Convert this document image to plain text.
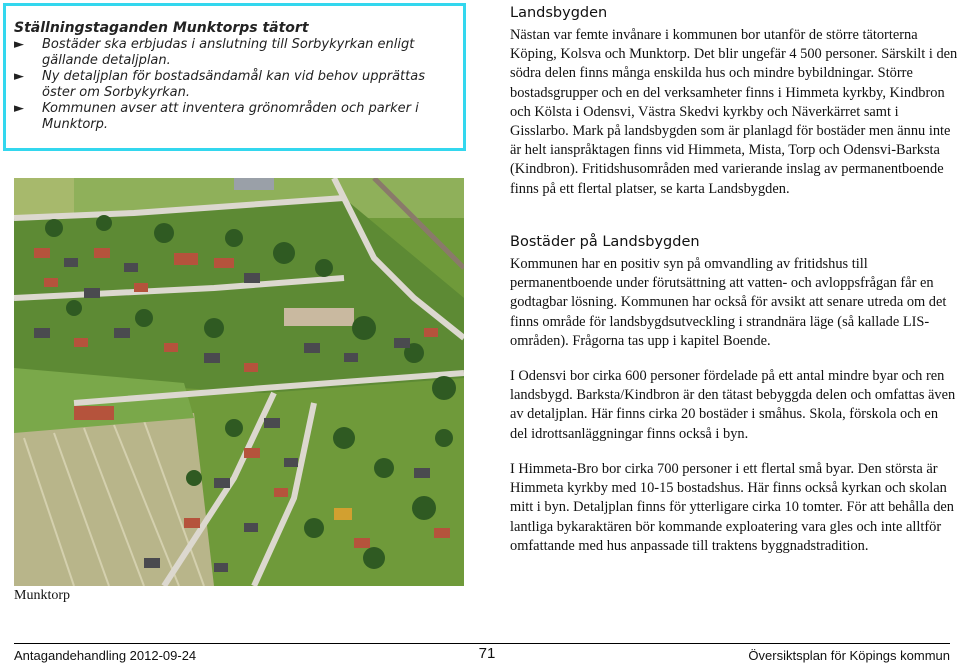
Ställningstaganden Munktorps tätort
► Bostäder ska erbjudas i anslutning till Sorbykyrkan enligt gällande detaljplan.
► Ny detaljplan för bostadsändamål kan vid behov upprättas öster om Sorbykyrkan.
► Kommunen avser att inventera grönområden och parker i Munktorp.
Munktorp
Landsbygden

Nästan var femte invånare i kommunen bor utanför de större tätorterna Köping, Kolsva och Munktorp. Det blir ungefär 4 500 personer. Särskilt i den södra delen finns många enskilda hus och mindre bybildningar. Större bostadsgrupper och en del verksamheter finns i Himmeta kyrkby, Kindbron och Kölsta i Odensvi, Västra Skedvi kyrkby och Näverkärret samt i Gisslarbo. Mark på landsbygden som är planlagd för bostäder men ännu inte är helt ianspråktagen finns vid Himmeta, Mista, Torp och Odensvi-Barksta (Kindbron). Fritidshusområden med varierande inslag av permanentboende finns på ett flertal platser, se karta Landsbygden.

Bostäder på Landsbygden

Kommunen har en positiv syn på omvandling av fritidshus till permanentboende under förutsättning att vatten- och avloppsfrågan får en godtagbar lösning. Kommunen har också för avsikt att senare utreda om det finns område för landsbygdsutveckling i strandnära läge (så kallade LIS-områden). Frågorna tas upp i kapitel Boende.

I Odensvi bor cirka 600 personer fördelade på ett antal mindre byar och ren landsbygd. Barksta/Kindbron är den tätast bebyggda delen och omfattas även av detaljplan. Här finns cirka 20 bostäder i småhus. Skola, förskola och en del idrottsanläggningar finns också i byn.

I Himmeta-Bro bor cirka 700 personer i ett flertal små byar. Den största är Himmeta kyrkby med 10-15 bostadshus. Här finns också kyrkan och skolan mitt i byn. Detaljplan finns för ytterligare cirka 10 tomter. För att behålla den lantliga bykaraktären bör kommande exploatering vara gles och inte alltför omfattande med hus anpassade till traktens byggnadstradition.

Antagandehandling 2012-09-24	71	Översiktsplan för Köpings kommun
